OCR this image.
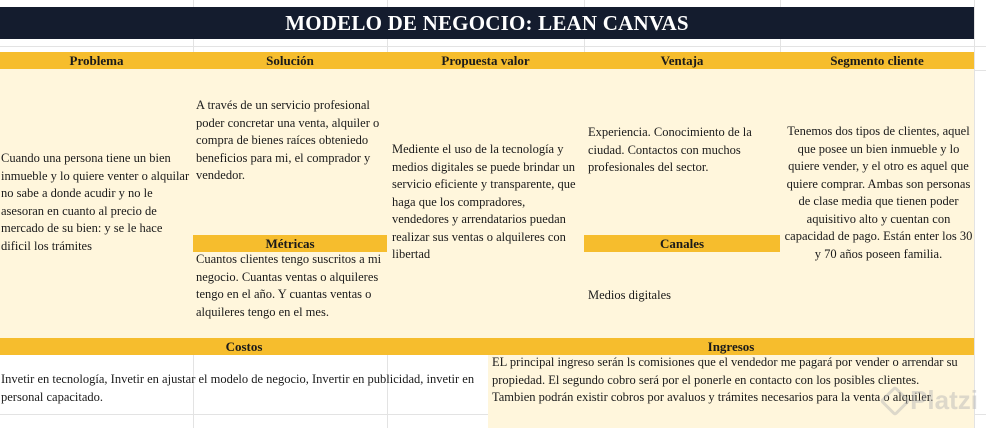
MODELO DE NEGOCIO: LEAN CANVAS
Problema	Solución	Propuesta valor	Ventaja	Segmento cliente

Cuando una persona tiene un bien inmueble y lo quiere venter o alquilar no sabe a donde acudir y no le asesoran en cuanto al precio de mercado de su bien: y se le hace dificil los trámites

A través de un servicio profesional poder concretar una venta, alquiler o compra de bienes raíces obteniedo beneficios para mi, el comprador y vendedor.

Métricas

Cuantos clientes tengo suscritos a mi negocio. Cuantas ventas o alquileres tengo en el año. Y cuantas ventas o alquileres tengo en el mes.

Mediente el uso de la tecnología y medios digitales se puede brindar un servicio eficiente y transparente, que haga que los compradores, vendedores y arrendatarios puedan realizar sus ventas o alquileres con libertad

Experiencia. Conocimiento de la ciudad. Contactos con muchos profesionales del sector.

Canales

Medios digitales

Tenemos dos tipos de clientes, aquel que posee un bien inmueble y lo quiere vender, y el otro es aquel que quiere comprar. Ambas son personas de clase media que tienen poder aquisitivo alto y cuentan con capacidad de pago. Están enter los 30 y 70 años poseen familia.

Costos

Invetir en tecnología, Invetir en ajustar el modelo de negocio, Invertir en publicidad, invetir en personal capacitado.

Ingresos

EL principal ingreso serán ls comisiones que el vendedor me pagará por vender o arrendar su propiedad. El segundo cobro será por el ponerle en contacto con los posibles clientes. Tambien podrán existir cobros por avaluos y trámites necesarios para la venta o alquiler.

Platzi
